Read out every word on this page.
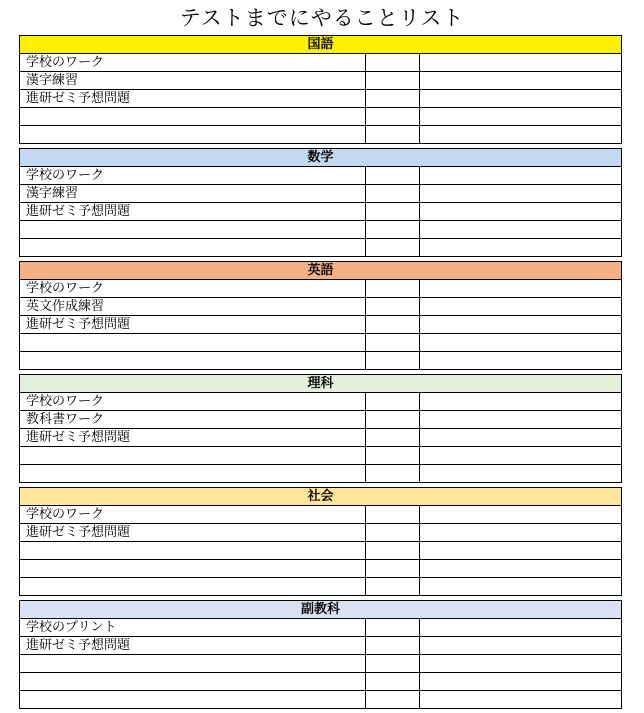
テストまでにやることリスト
国語		
学校のワーク		
漢字練習		
進研ゼミ予想問題		

数学		
学校のワーク		
漢字練習		
進研ゼミ予想問題		

英語		
学校のワーク		
英文作成練習		
進研ゼミ予想問題		

理科		
学校のワーク		
教科書ワーク		
進研ゼミ予想問題		

社会		
学校のワーク		
進研ゼミ予想問題		

副教科		
学校のプリント		
進研ゼミ予想問題		
